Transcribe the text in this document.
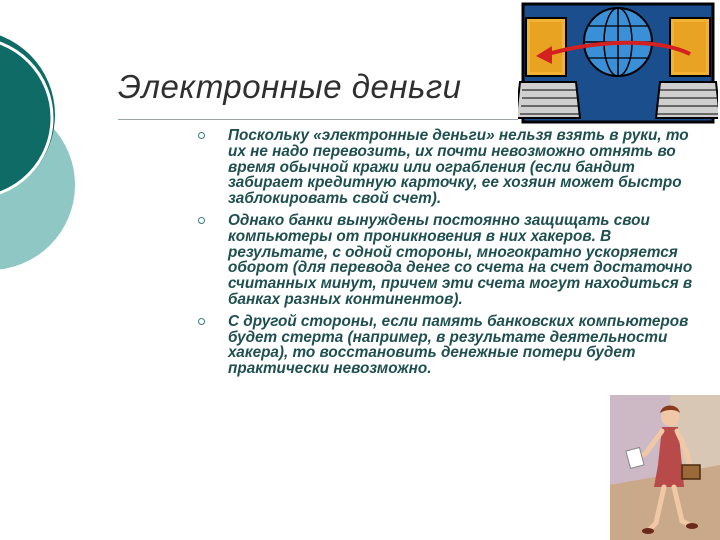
Электронные деньги
Поскольку «электронные деньги» нельзя взять в руки, то их не надо перевозить, их почти невозможно отнять во время обычной кражи или ограбления (если бандит забирает кредитную карточку, ее хозяин может быстро заблокировать свой счет).
Однако банки вынуждены постоянно защищать свои компьютеры от проникновения в них хакеров. В результате, с одной стороны, многократно ускоряется оборот (для перевода денег со счета на счет достаточно считанных минут, причем эти счета могут находиться в банках разных континентов).
С другой стороны, если память банковских компьютеров будет стерта (например, в результате деятельности хакера), то восстановить денежные потери будет практически невозможно.
